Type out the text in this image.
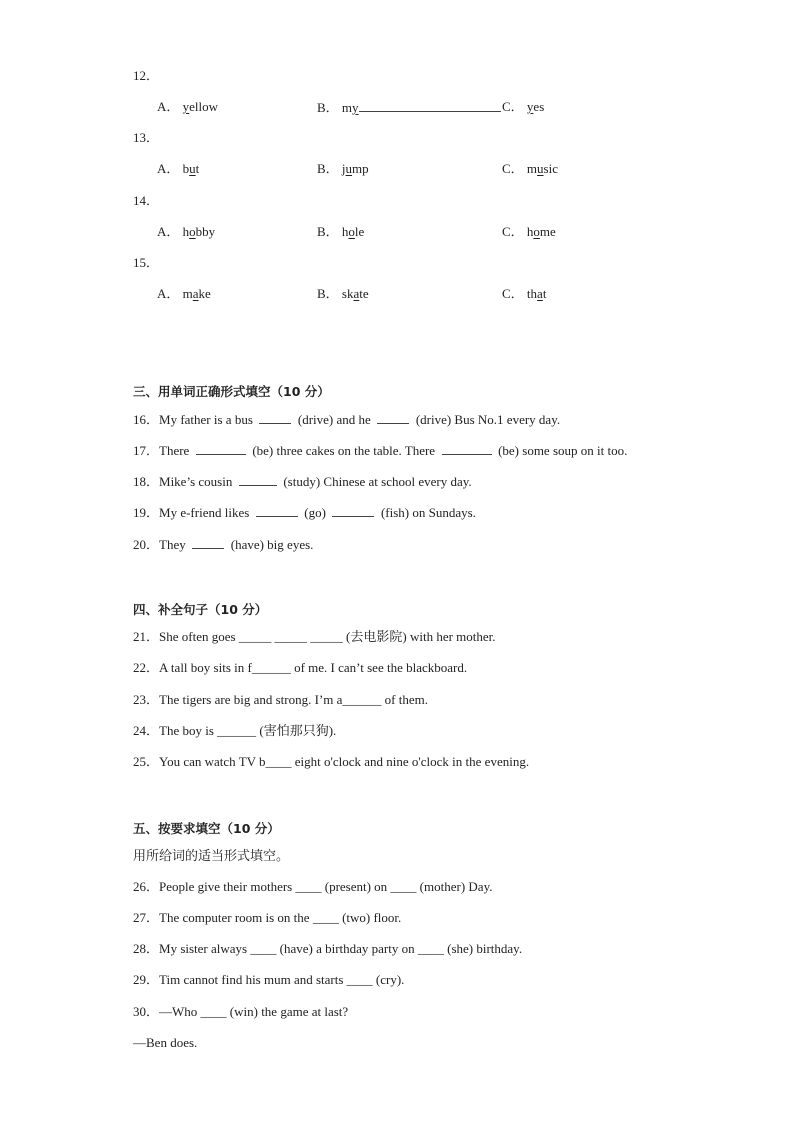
12．
A． yellow	B． my	C． yes
13．
A． but	B． jump	C． music
14．
A． hobby	B． hole	C． home
15．
A． make	B． skate	C． that
三、用单词正确形式填空（10 分）
16．My father is a bus	(drive) and he	(drive) Bus No.1 every day.
17．There	(be) three cakes on the table. There	(be) some soup on it too.
18．Mike’s cousin	(study) Chinese at school every day.
19．My e-friend likes	(go)	(fish) on Sundays.
20．They	(have) big eyes.
四、补全句子（10 分）
21．She often goes _____ _____ _____ (去电影院) with her mother.
22．A tall boy sits in f______ of me. I can’t see the blackboard.
23．The tigers are big and strong. I’m a______ of them.
24．The boy is ______ (害怕那只狗).
25．You can watch TV b____ eight o'clock and nine o'clock in the evening.
五、按要求填空（10 分）
用所给词的适当形式填空。
26．People give their mothers ____ (present) on ____ (mother) Day.
27．The computer room is on the ____ (two) floor.
28．My sister always ____ (have) a birthday party on ____ (she) birthday.
29．Tim cannot find his mum and starts ____ (cry).
30．—Who ____ (win) the game at last?
—Ben does.
